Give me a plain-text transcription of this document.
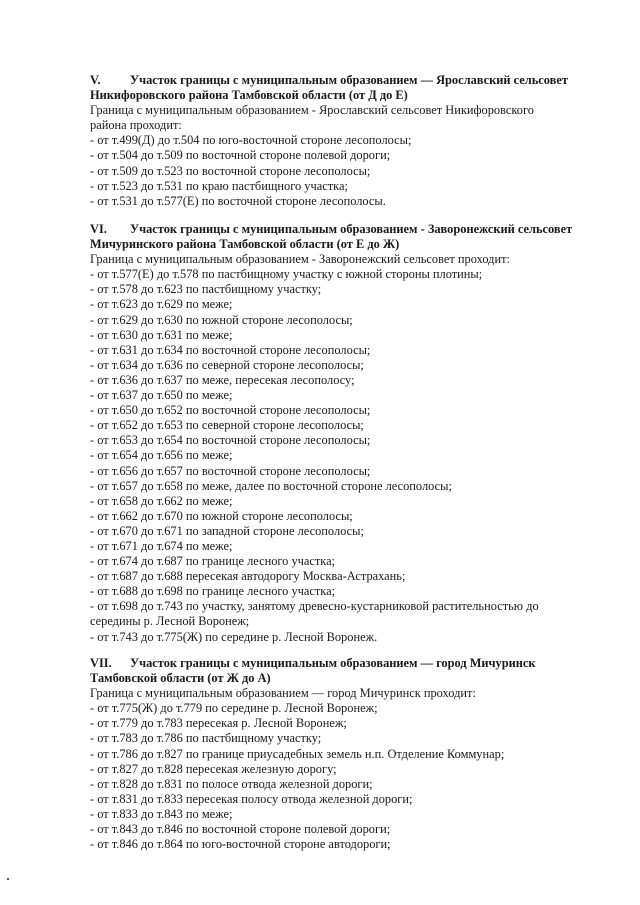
V. Участок границы с муниципальным образованием — Ярославский сельсовет
Никифоровского района Тамбовской области (от Д до Е)
Граница с муниципальным образованием - Ярославский сельсовет Никифоровского
района проходит:
- от т.499(Д) до т.504 по юго-восточной стороне лесополосы;
- от т.504 до т.509 по восточной стороне полевой дороги;
- от т.509 до т.523 по восточной стороне лесополосы;
- от т.523 до т.531 по краю пастбищного участка;
- от т.531 до т.577(Е) по восточной стороне лесополосы.
VI. Участок границы с муниципальным образованием - Заворонежский сельсовет
Мичуринского района Тамбовской области (от Е до Ж)
Граница с муниципальным образованием - Заворонежский сельсовет проходит:
- от т.577(Е) до т.578 по пастбищному участку с южной стороны плотины;
- от т.578 до т.623 по пастбищному участку;
- от т.623 до т.629 по меже;
- от т.629 до т.630 по южной стороне лесополосы;
- от т.630 до т.631 по меже;
- от т.631 до т.634 по восточной стороне лесополосы;
- от т.634 до т.636 по северной стороне лесополосы;
- от т.636 до т.637 по меже, пересекая лесополосу;
- от т.637 до т.650 по меже;
- от т.650 до т.652 по восточной стороне лесополосы;
- от т.652 до т.653 по северной стороне лесополосы;
- от т.653 до т.654 по восточной стороне лесополосы;
- от т.654 до т.656 по меже;
- от т.656 до т.657 по восточной стороне лесополосы;
- от т.657 до т.658 по меже, далее по восточной стороне лесополосы;
- от т.658 до т.662 по меже;
- от т.662 до т.670 по южной стороне лесополосы;
- от т.670 до т.671 по западной стороне лесополосы;
- от т.671 до т.674 по меже;
- от т.674 до т.687 по границе лесного участка;
- от т.687 до т.688 пересекая автодорогу Москва-Астрахань;
- от т.688 до т.698 по границе лесного участка;
- от т.698 до т.743 по участку, занятому древесно-кустарниковой растительностью до
середины р. Лесной Воронеж;
- от т.743 до т.775(Ж) по середине р. Лесной Воронеж.
VII. Участок границы с муниципальным образованием — город Мичуринск
Тамбовской области (от Ж до А)
Граница с муниципальным образованием — город Мичуринск проходит:
- от т.775(Ж) до т.779 по середине р. Лесной Воронеж;
- от т.779 до т.783 пересекая р. Лесной Воронеж;
- от т.783 до т.786 по пастбищному участку;
- от т.786 до т.827 по границе приусадебных земель н.п. Отделение Коммунар;
- от т.827 до т.828 пересекая железную дорогу;
- от т.828 до т.831 по полосе отвода железной дороги;
- от т.831 до т.833 пересекая полосу отвода железной дороги;
- от т.833 до т.843 по меже;
- от т.843 до т.846 по восточной стороне полевой дороги;
- от т.846 до т.864 по юго-восточной стороне автодороги;
